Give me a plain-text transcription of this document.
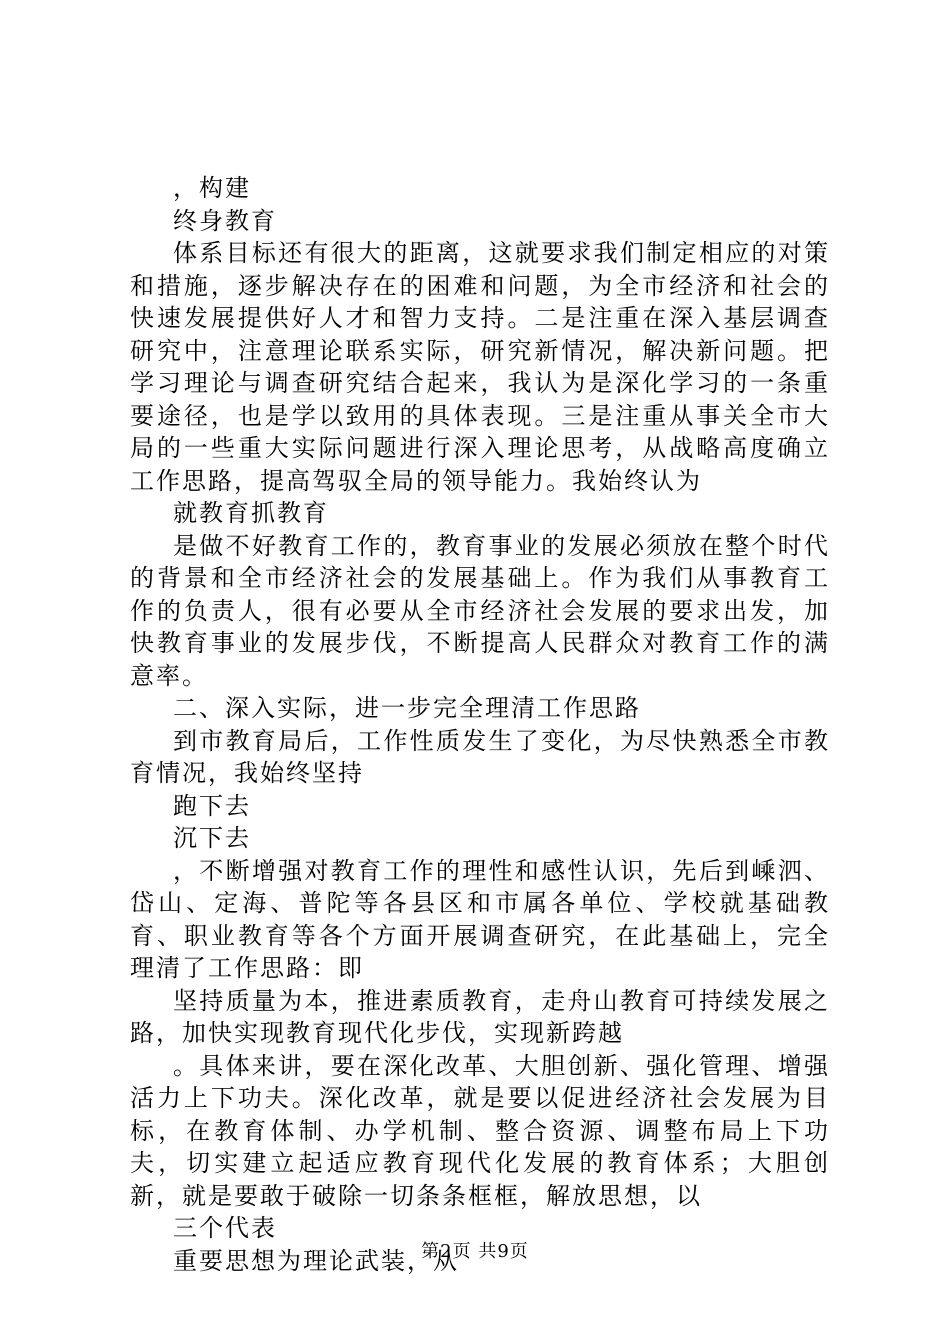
，构建

终身教育

体系目标还有很大的距离，这就要求我们制定相应的对策和措施，逐步解决存在的困难和问题，为全市经济和社会的快速发展提供好人才和智力支持。二是注重在深入基层调查研究中，注意理论联系实际，研究新情况，解决新问题。把学习理论与调查研究结合起来，我认为是深化学习的一条重要途径，也是学以致用的具体表现。三是注重从事关全市大局的一些重大实际问题进行深入理论思考，从战略高度确立工作思路，提高驾驭全局的领导能力。我始终认为

就教育抓教育

是做不好教育工作的，教育事业的发展必须放在整个时代的背景和全市经济社会的发展基础上。作为我们从事教育工作的负责人，很有必要从全市经济社会发展的要求出发，加快教育事业的发展步伐，不断提高人民群众对教育工作的满意率。

二、深入实际，进一步完全理清工作思路

到市教育局后，工作性质发生了变化，为尽快熟悉全市教育情况，我始终坚持

跑下去

沉下去

，不断增强对教育工作的理性和感性认识，先后到嵊泗、岱山、定海、普陀等各县区和市属各单位、学校就基础教育、职业教育等各个方面开展调查研究，在此基础上，完全理清了工作思路：即

坚持质量为本，推进素质教育，走舟山教育可持续发展之路，加快实现教育现代化步伐，实现新跨越

。具体来讲，要在深化改革、大胆创新、强化管理、增强活力上下功夫。深化改革，就是要以促进经济社会发展为目标，在教育体制、办学机制、整合资源、调整布局上下功夫，切实建立起适应教育现代化发展的教育体系；大胆创新，就是要敢于破除一切条条框框，解放思想，以

三个代表

重要思想为理论武装，从

第2页 共9页
